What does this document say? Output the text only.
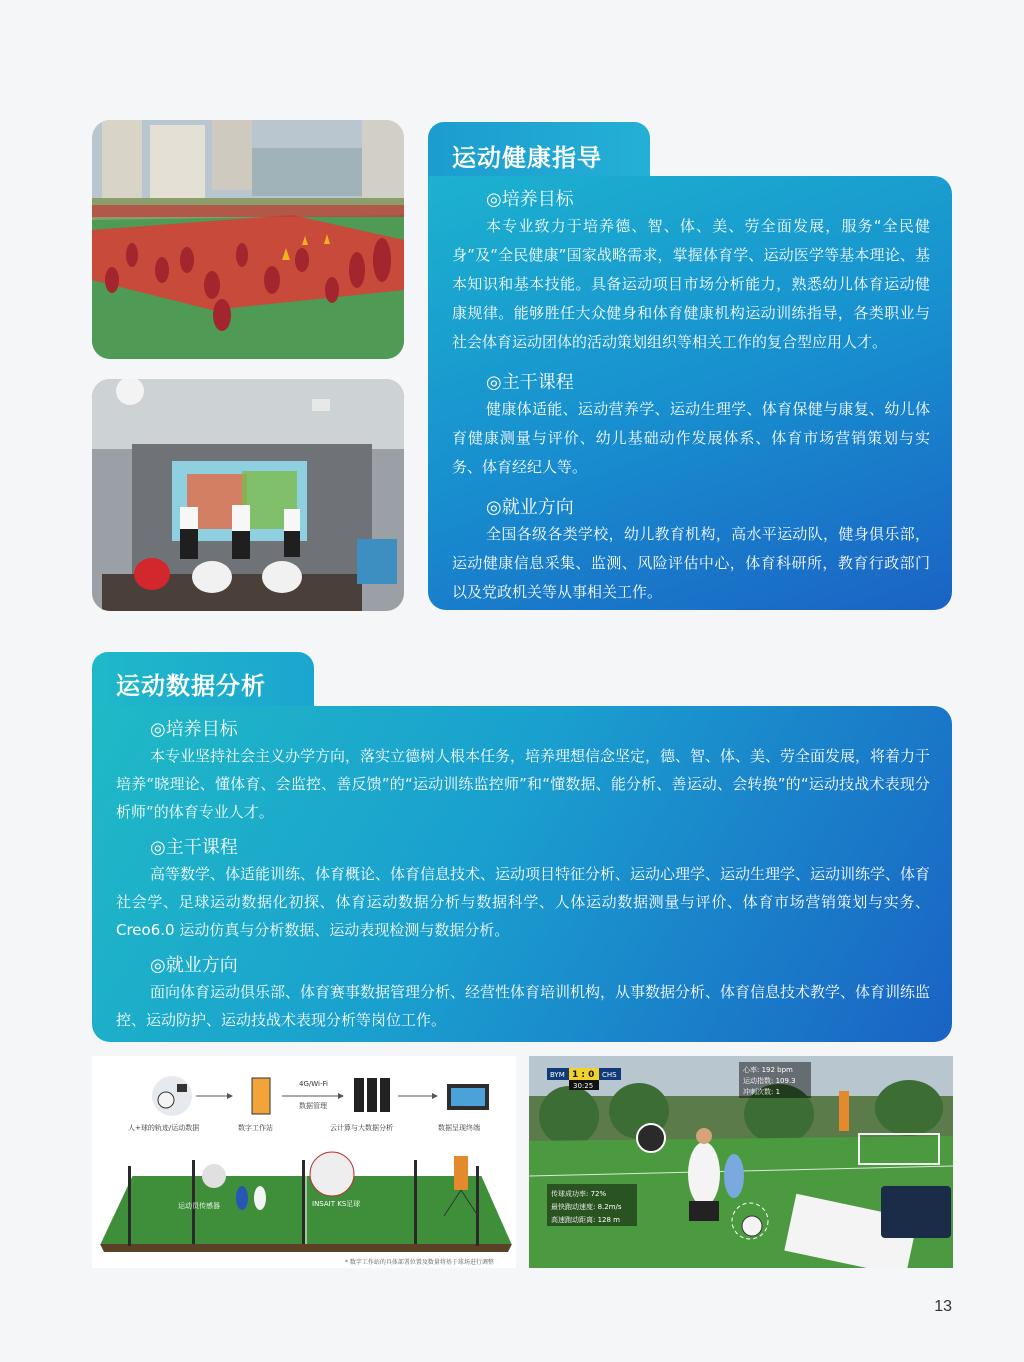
运动健康指导
◎培养目标

本专业致力于培养德、智、体、美、劳全面发展，服务“全民健身”及“全民健康”国家战略需求，掌握体育学、运动医学等基本理论、基本知识和基本技能。具备运动项目市场分析能力，熟悉幼儿体育运动健康规律。能够胜任大众健身和体育健康机构运动训练指导，各类职业与社会体育运动团体的活动策划组织等相关工作的复合型应用人才。

◎主干课程

健康体适能、运动营养学、运动生理学、体育保健与康复、幼儿体育健康测量与评价、幼儿基础动作发展体系、体育市场营销策划与实务、体育经纪人等。

◎就业方向

全国各级各类学校，幼儿教育机构，高水平运动队，健身俱乐部，运动健康信息采集、监测、风险评估中心，体育科研所，教育行政部门以及党政机关等从事相关工作。

运动数据分析
◎培养目标

本专业坚持社会主义办学方向，落实立德树人根本任务，培养理想信念坚定，德、智、体、美、劳全面发展，将着力于培养“晓理论、懂体育、会监控、善反馈”的“运动训练监控师”和“懂数据、能分析、善运动、会转换”的“运动技战术表现分析师”的体育专业人才。

◎主干课程

高等数学、体适能训练、体育概论、体育信息技术、运动项目特征分析、运动心理学、运动生理学、运动训练学、体育社会学、足球运动数据化初探、体育运动数据分析与数据科学、人体运动数据测量与评价、体育市场营销策划与实务、Creo6.0 运动仿真与分析数据、运动表现检测与数据分析。

◎就业方向

面向体育运动俱乐部、体育赛事数据管理分析、经营性体育培训机构，从事数据分析、体育信息技术教学、体育训练监控、运动防护、运动技战术表现分析等岗位工作。

4G/Wi-Fi
数据管理
人+球的轨迹/运动数据	数字工作站	云计算与大数据分析	数据呈现终端
运动员传感器	INSAIT KS足球
* 数字工作站的具体部署位置及数量将基于球场进行调整
BYM 1 : 0 CHS
30:25
心率: 192 bpm
运动指数: 109.3
冲刺次数: 1
传球成功率: 72%
最快跑动速度: 8.2m/s
高速跑动距离: 128 m
13
